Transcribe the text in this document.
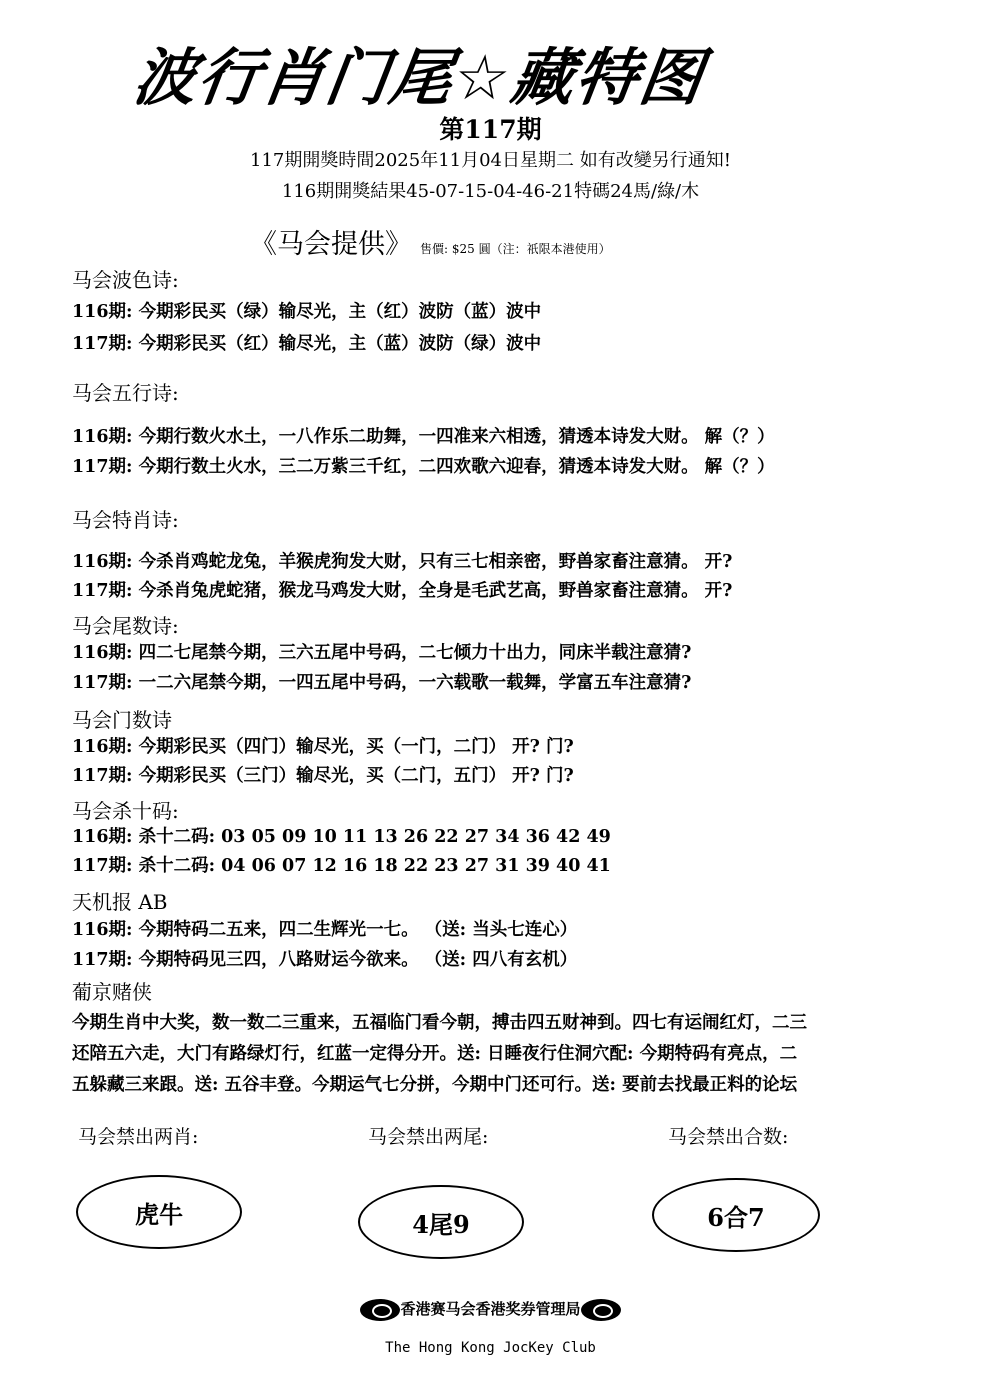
波行肖门尾☆藏特图
第117期
117期開獎時間2025年11月04日星期二 如有改變另行通知!
116期開獎結果45-07-15-04-46-21特碼24馬/綠/木
《马会提供》 售價: $25 圓（注：祇限本港使用）
马会波色诗:
116期: 今期彩民买（绿）输尽光，主（红）波防（蓝）波中
117期: 今期彩民买（红）输尽光，主（蓝）波防（绿）波中
马会五行诗:
116期: 今期行数火水土，一八作乐二助舞，一四准来六相透，猜透本诗发大财。 解（？）
117期: 今期行数土火水，三二万紫三千红，二四欢歌六迎春，猜透本诗发大财。 解（？）
马会特肖诗:
116期: 今杀肖鸡蛇龙兔，羊猴虎狗发大财，只有三七相亲密，野兽家畜注意猜。 开?
117期: 今杀肖兔虎蛇猪，猴龙马鸡发大财，全身是毛武艺高，野兽家畜注意猜。 开?
马会尾数诗:
116期: 四二七尾禁今期，三六五尾中号码，二七倾力十出力，同床半载注意猜?
117期: 一二六尾禁今期，一四五尾中号码，一六载歌一载舞，学富五车注意猜?
马会门数诗
116期: 今期彩民买（四门）输尽光，买（一门，二门） 开? 门?
117期: 今期彩民买（三门）输尽光，买（二门，五门） 开? 门?
马会杀十码:
116期: 杀十二码: 03 05 09 10 11 13 26 22 27 34 36 42 49
117期: 杀十二码: 04 06 07 12 16 18 22 23 27 31 39 40 41
天机报 AB
116期: 今期特码二五来，四二生辉光一七。 （送: 当头七连心）
117期: 今期特码见三四，八路财运今欲来。 （送: 四八有玄机）
葡京赌侠
今期生肖中大奖，数一数二三重来，五福临门看今朝，搏击四五财神到。四七有运闹红灯，二三
还陪五六走，大门有路绿灯行，红蓝一定得分开。送: 日睡夜行住洞穴配: 今期特码有亮点，二
五躲藏三来跟。送: 五谷丰登。今期运气七分拼，今期中门还可行。送: 要前去找最正料的论坛
马会禁出两肖:	马会禁出两尾:	马会禁出合数:
虎牛	4尾9	6合7
香港赛马会香港奖券管理局
The Hong Kong JocKey Club
